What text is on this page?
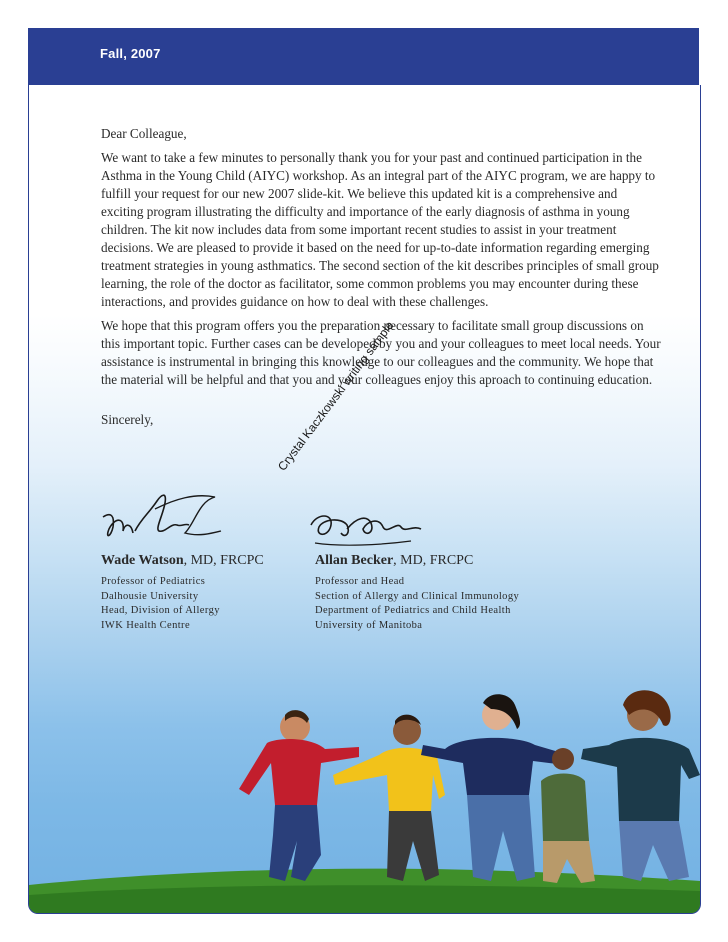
Fall, 2007

Dear Colleague,

We want to take a few minutes to personally thank you for your past and continued participation in the Asthma in the Young Child (AIYC) workshop. As an integral part of the AIYC program, we are happy to fulfill your request for our new 2007 slide-kit. We believe this updated kit is a comprehensive and exciting program illustrating the difficulty and importance of the early diagnosis of asthma in young children. The kit now includes data from some important recent studies to assist in your treatment decisions. We are pleased to provide it based on the need for up-to-date information regarding emerging treatment strategies in young asthmatics. The second section of the kit describes principles of small group learning, the role of the doctor as facilitator, some common problems you may encounter during these interactions, and provides guidance on how to deal with these challenges.

We hope that this program offers you the preparation necessary to facilitate small group discussions on this important topic. Further cases can be developed by you and your colleagues to meet local needs. Your assistance is instrumental in bringing this knowledge to our colleagues and the community. We hope that the material will be helpful and that you and your colleagues enjoy this aproach to continuing education.

Sincerely,

Wade Watson, MD, FRCPC
Professor of Pediatrics
Dalhousie University
Head, Division of Allergy
IWK Health Centre
Allan Becker, MD, FRCPC
Professor and Head
Section of Allergy and Clinical Immunology
Department of Pediatrics and Child Health
University of Manitoba
Crystal Kaczkowski writing sample
